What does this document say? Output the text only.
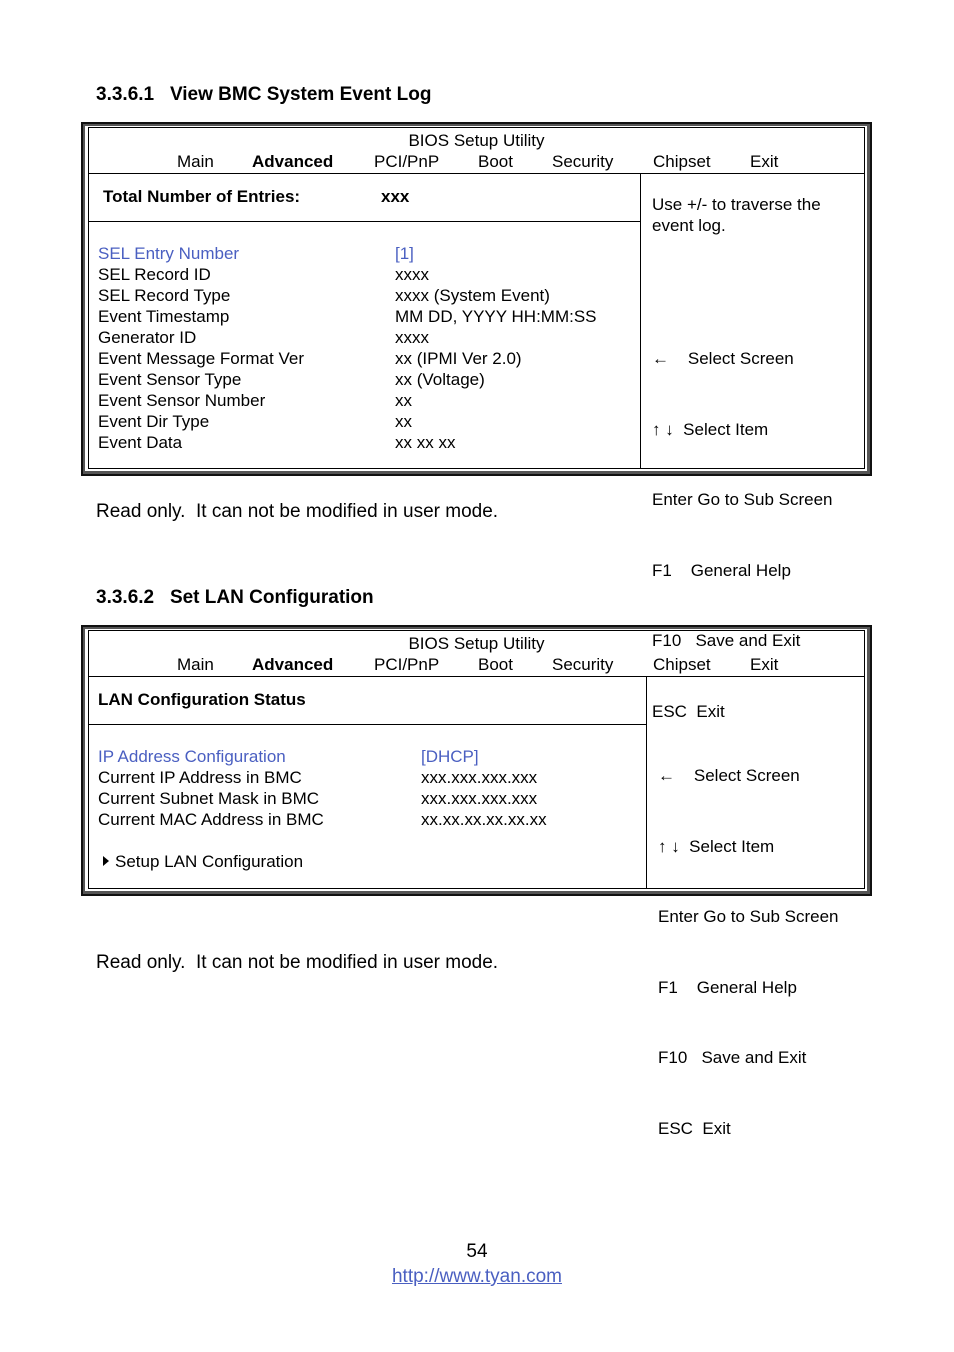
3.3.6.1   View BMC System Event Log
BIOS Setup Utility
Main Advanced PCI/PnP Boot Security Chipset Exit
Total Number of Entries:	xxx
SEL Entry Number	[1]
SEL Record ID	xxxx
SEL Record Type	xxxx (System Event)
Event Timestamp	MM DD, YYYY HH:MM:SS
Generator ID	xxxx
Event Message Format Ver	xx (IPMI Ver 2.0)
Event Sensor Type	xx (Voltage)
Event Sensor Number	xx
Event Dir Type	xx
Event Data	xx xx xx
Use +/- to traverse the
event log.

←    Select Screen

↑ ↓  Select Item

Enter Go to Sub Screen

F1    General Help

F10   Save and Exit

ESC  Exit

Read only.  It can not be modified in user mode.
3.3.6.2   Set LAN Configuration
BIOS Setup Utility
Main Advanced PCI/PnP Boot Security Chipset Exit
LAN Configuration Status
IP Address Configuration	[DHCP]
Current IP Address in BMC	xxx.xxx.xxx.xxx
Current Subnet Mask in BMC	xxx.xxx.xxx.xxx
Current MAC Address in BMC	xx.xx.xx.xx.xx.xx
Setup LAN Configuration

←    Select Screen

↑ ↓  Select Item

Enter Go to Sub Screen

F1    General Help

F10   Save and Exit

ESC  Exit

Read only.  It can not be modified in user mode.
54
http://www.tyan.com
